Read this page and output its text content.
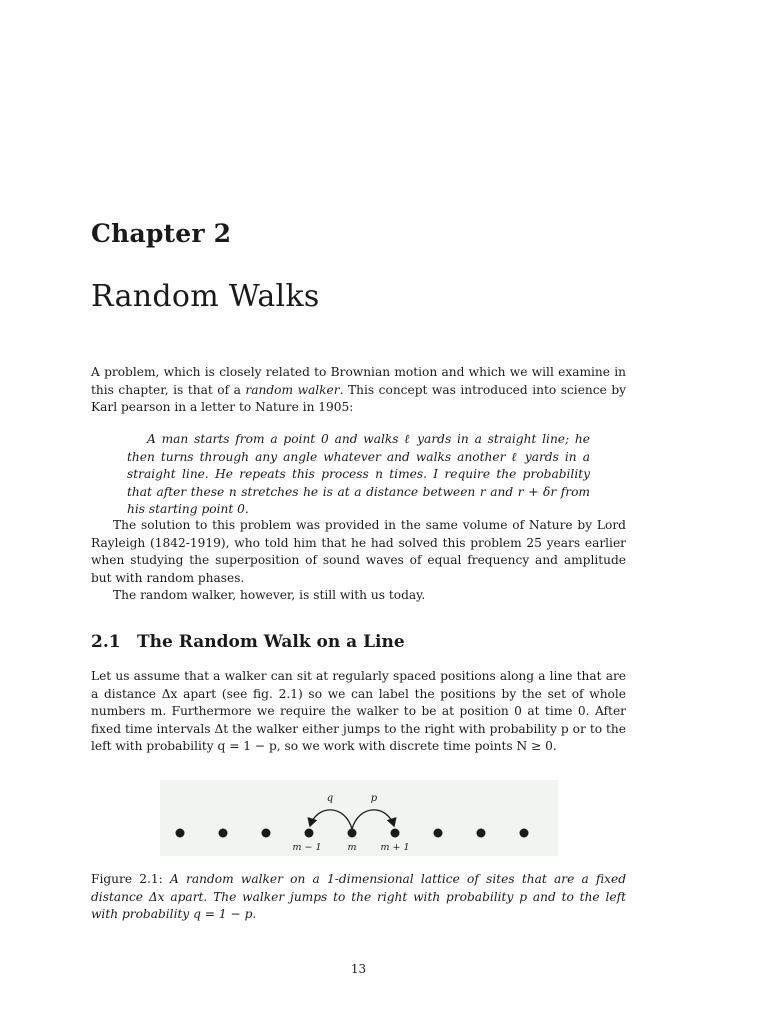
Chapter 2
Random Walks
A problem, which is closely related to Brownian motion and which we will examine in this chapter, is that of a random walker. This concept was introduced into science by Karl pearson in a letter to Nature in 1905:
A man starts from a point 0 and walks ℓ yards in a straight line; he then turns through any angle whatever and walks another ℓ yards in a straight line. He repeats this process n times. I require the probability that after these n stretches he is at a distance between r and r + δr from his starting point 0.
The solution to this problem was provided in the same volume of Nature by Lord Rayleigh (1842-1919), who told him that he had solved this problem 25 years earlier when studying the superposition of sound waves of equal frequency and amplitude but with random phases.
The random walker, however, is still with us today.
2.1 The Random Walk on a Line
Let us assume that a walker can sit at regularly spaced positions along a line that are a distance Δx apart (see fig. 2.1) so we can label the positions by the set of whole numbers m. Furthermore we require the walker to be at position 0 at time 0. After fixed time intervals Δt the walker either jumps to the right with probability p or to the left with probability q = 1 − p, so we work with discrete time points N ≥ 0.
q	p
m − 1	m	m + 1
Figure 2.1: A random walker on a 1-dimensional lattice of sites that are a fixed distance Δx apart. The walker jumps to the right with probability p and to the left with probability q = 1 − p.
13
